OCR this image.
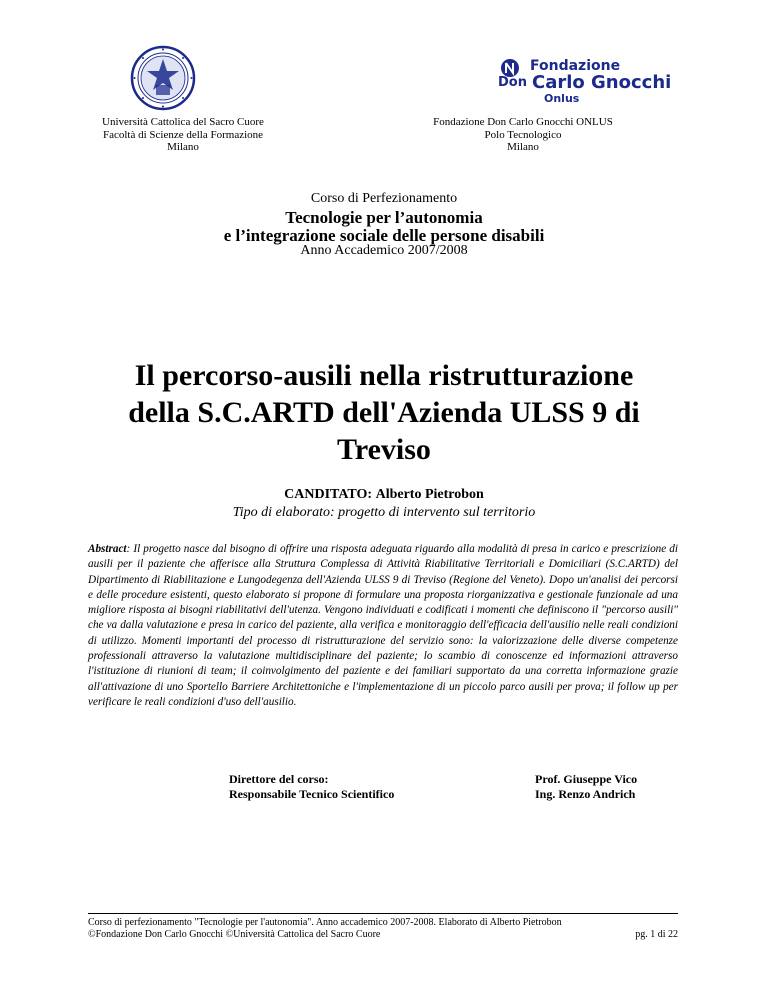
Fondazione
Don Carlo Gnocchi
Onlus
Università Cattolica del Sacro Cuore
Facoltà di Scienze della Formazione
Milano
Fondazione Don Carlo Gnocchi ONLUS
Polo Tecnologico
Milano
Corso di Perfezionamento
Tecnologie per l’autonomia
e l’integrazione sociale delle persone disabili
Anno Accademico 2007/2008
Il percorso-ausili nella ristrutturazione
della S.C.ARTD dell'Azienda ULSS 9 di
Treviso
CANDITATO: Alberto Pietrobon
Tipo di elaborato: progetto di intervento sul territorio
Abstract: Il progetto nasce dal bisogno di offrire una risposta adeguata riguardo alla modalità di presa in carico e prescrizione di ausili per il paziente che afferisce alla Struttura Complessa di Attività Riabilitative Territoriali e Domiciliari (S.C.ARTD) del Dipartimento di Riabilitazione e Lungodegenza dell'Azienda ULSS 9 di Treviso (Regione del Veneto). Dopo un'analisi dei percorsi e delle procedure esistenti, questo elaborato si propone di formulare una proposta riorganizzativa e gestionale funzionale ad una migliore risposta ai bisogni riabilitativi dell'utenza. Vengono individuati e codificati i momenti che definiscono il "percorso ausili" che va dalla valutazione e presa in carico del paziente, alla verifica e monitoraggio dell'efficacia dell'ausilio nelle reali condizioni di utilizzo. Momenti importanti del processo di ristrutturazione del servizio sono: la valorizzazione delle diverse competenze professionali attraverso la valutazione multidisciplinare del paziente; lo scambio di conoscenze ed informazioni attraverso l'istituzione di riunioni di team; il coinvolgimento del paziente e dei familiari supportato da una corretta informazione grazie all'attivazione di uno Sportello Barriere Architettoniche e l'implementazione di un piccolo parco ausili per prova; il follow up per verificare le reali condizioni d'uso dell'ausilio.
Direttore del corso:
Responsabile Tecnico Scientifico
Prof. Giuseppe Vico
Ing. Renzo Andrich
Corso di perfezionamento "Tecnologie per l'autonomia". Anno accademico 2007-2008. Elaborato di Alberto Pietrobon
©Fondazione Don Carlo Gnocchi ©Università Cattolica del Sacro Cuore	pg. 1 di 22
